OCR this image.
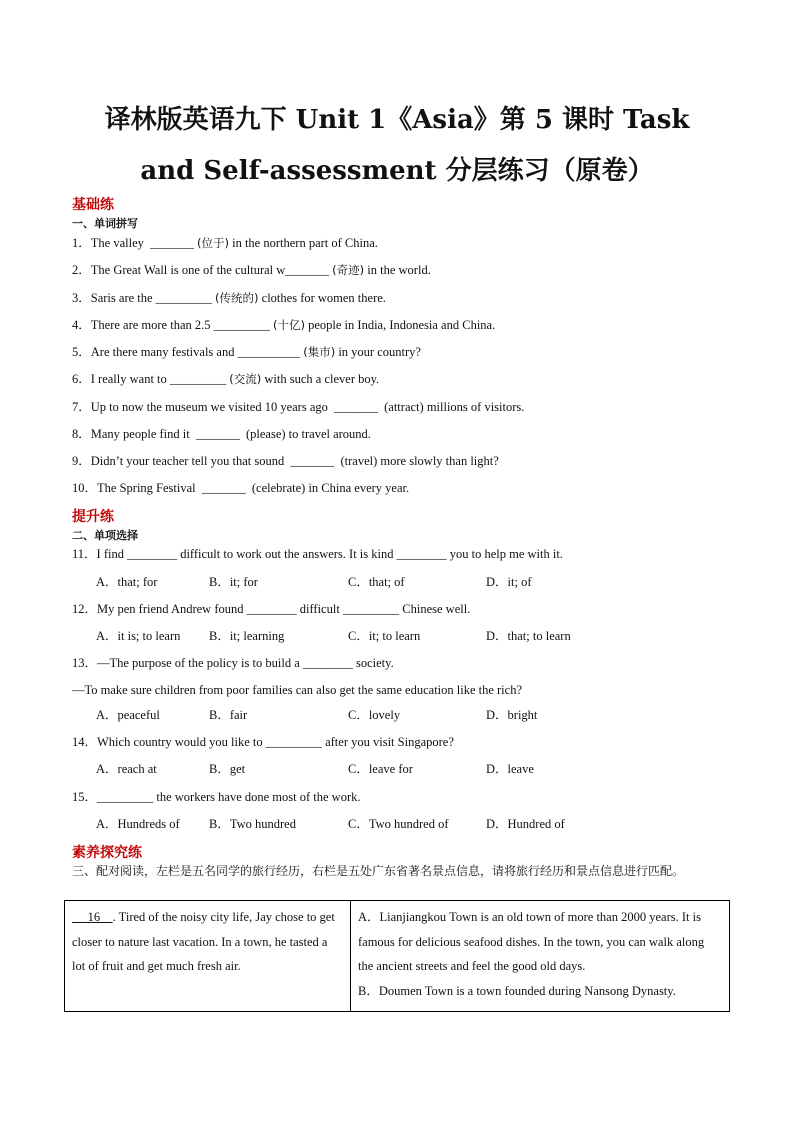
译林版英语九下 Unit 1《Asia》第 5 课时 Task
and Self-assessment 分层练习（原卷）
基础练
一、单词拼写
1．The valley _______ (位于) in the northern part of China.
2．The Great Wall is one of the cultural w_______ (奇迹) in the world.
3．Saris are the _________ (传统的) clothes for women there.
4．There are more than 2.5 _________ (十亿) people in India, Indonesia and China.
5．Are there many festivals and __________ (集市) in your country?
6．I really want to _________ (交流) with such a clever boy.
7．Up to now the museum we visited 10 years ago _______ (attract) millions of visitors.
8．Many people find it _______ (please) to travel around.
9．Didn’t your teacher tell you that sound _______ (travel) more slowly than light?
10．The Spring Festival _______ (celebrate) in China every year.
提升练
二、单项选择
11．I find ________ difficult to work out the answers. It is kind ________ you to help me with it.
A．that; for	B．it; for	C．that; of	D．it; of
12．My pen friend Andrew found ________ difficult _________ Chinese well.
A．it is; to learn B．it; learning	C．it; to learn	D．that; to learn
13．—The purpose of the policy is to build a ________ society.
—To make sure children from poor families can also get the same education like the rich?
A．peaceful	B．fair	C．lovely	D．bright
14．Which country would you like to _________ after you visit Singapore?
A．reach at	B．get	C．leave for	D．leave
15．_________ the workers have done most of the work.
A．Hundreds of B．Two hundred	C．Two hundred of	D．Hundred of
素养探究练
三、配对阅读，左栏是五名同学的旅行经历，右栏是五处广东省著名景点信息，请将旅行经历和景点信息进行匹配。
16 . Tired of the noisy city life, Jay chose to get closer to nature last vacation. In a town, he tasted a lot of fruit and get much fresh air.	
A．Lianjiangkou Town is an old town of more than 2000 years. It is famous for delicious seafood dishes. In the town, you can walk along the ancient streets and feel the good old days.
B．Doumen Town is a town founded during Nansong Dynasty.
